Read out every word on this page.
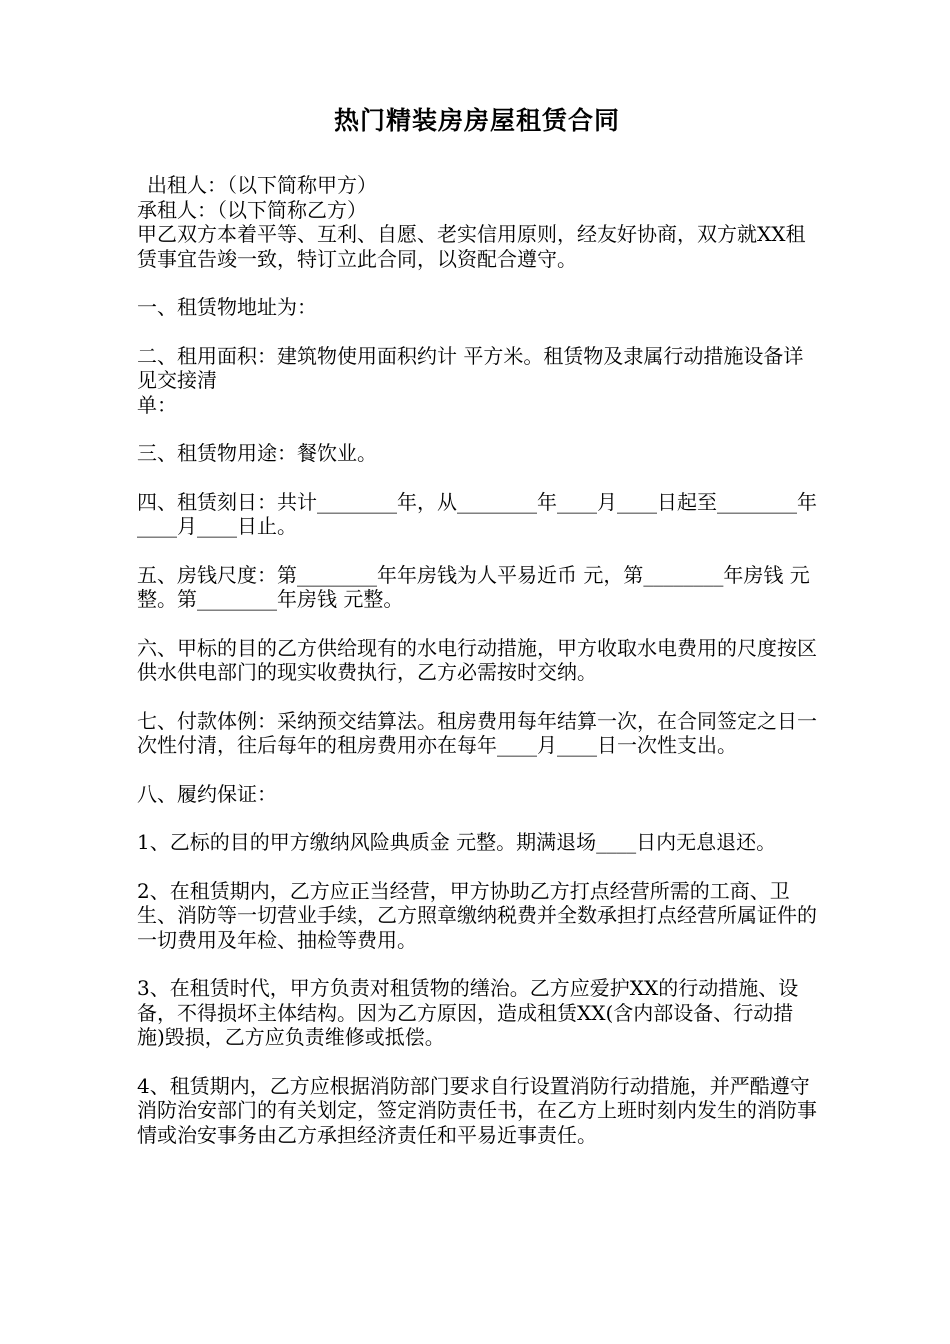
热门精装房房屋租赁合同

出租人：（以下简称甲方）

承租人：（以下简称乙方）

甲乙双方本着平等、互利、自愿、老实信用原则，经友好协商，双方就XX租赁事宜告竣一致，特订立此合同，以资配合遵守。

一、租赁物地址为：

二、租用面积：建筑物使用面积约计 平方米。租赁物及隶属行动措施设备详见交接清
单：

三、租赁物用途：餐饮业。

四、租赁刻日：共计________年，从________年____月____日起至________年____月____日止。

五、房钱尺度：第________年年房钱为人平易近币 元，第________年房钱 元整。第________年房钱 元整。

六、甲标的目的乙方供给现有的水电行动措施，甲方收取水电费用的尺度按区供水供电部门的现实收费执行，乙方必需按时交纳。

七、付款体例：采纳预交结算法。租房费用每年结算一次，在合同签定之日一次性付清，往后每年的租房费用亦在每年____月____日一次性支出。

八、履约保证：

1、乙标的目的甲方缴纳风险典质金 元整。期满退场____日内无息退还。

2、在租赁期内，乙方应正当经营，甲方协助乙方打点经营所需的工商、卫生、消防等一切营业手续，乙方照章缴纳税费并全数承担打点经营所属证件的一切费用及年检、抽检等费用。

3、在租赁时代，甲方负责对租赁物的缮治。乙方应爱护XX的行动措施、设备，不得损坏主体结构。因为乙方原因，造成租赁XX(含内部设备、行动措施)毁损，乙方应负责维修或抵偿。

4、租赁期内，乙方应根据消防部门要求自行设置消防行动措施，并严酷遵守消防治安部门的有关划定，签定消防责任书，在乙方上班时刻内发生的消防事情或治安事务由乙方承担经济责任和平易近事责任。
